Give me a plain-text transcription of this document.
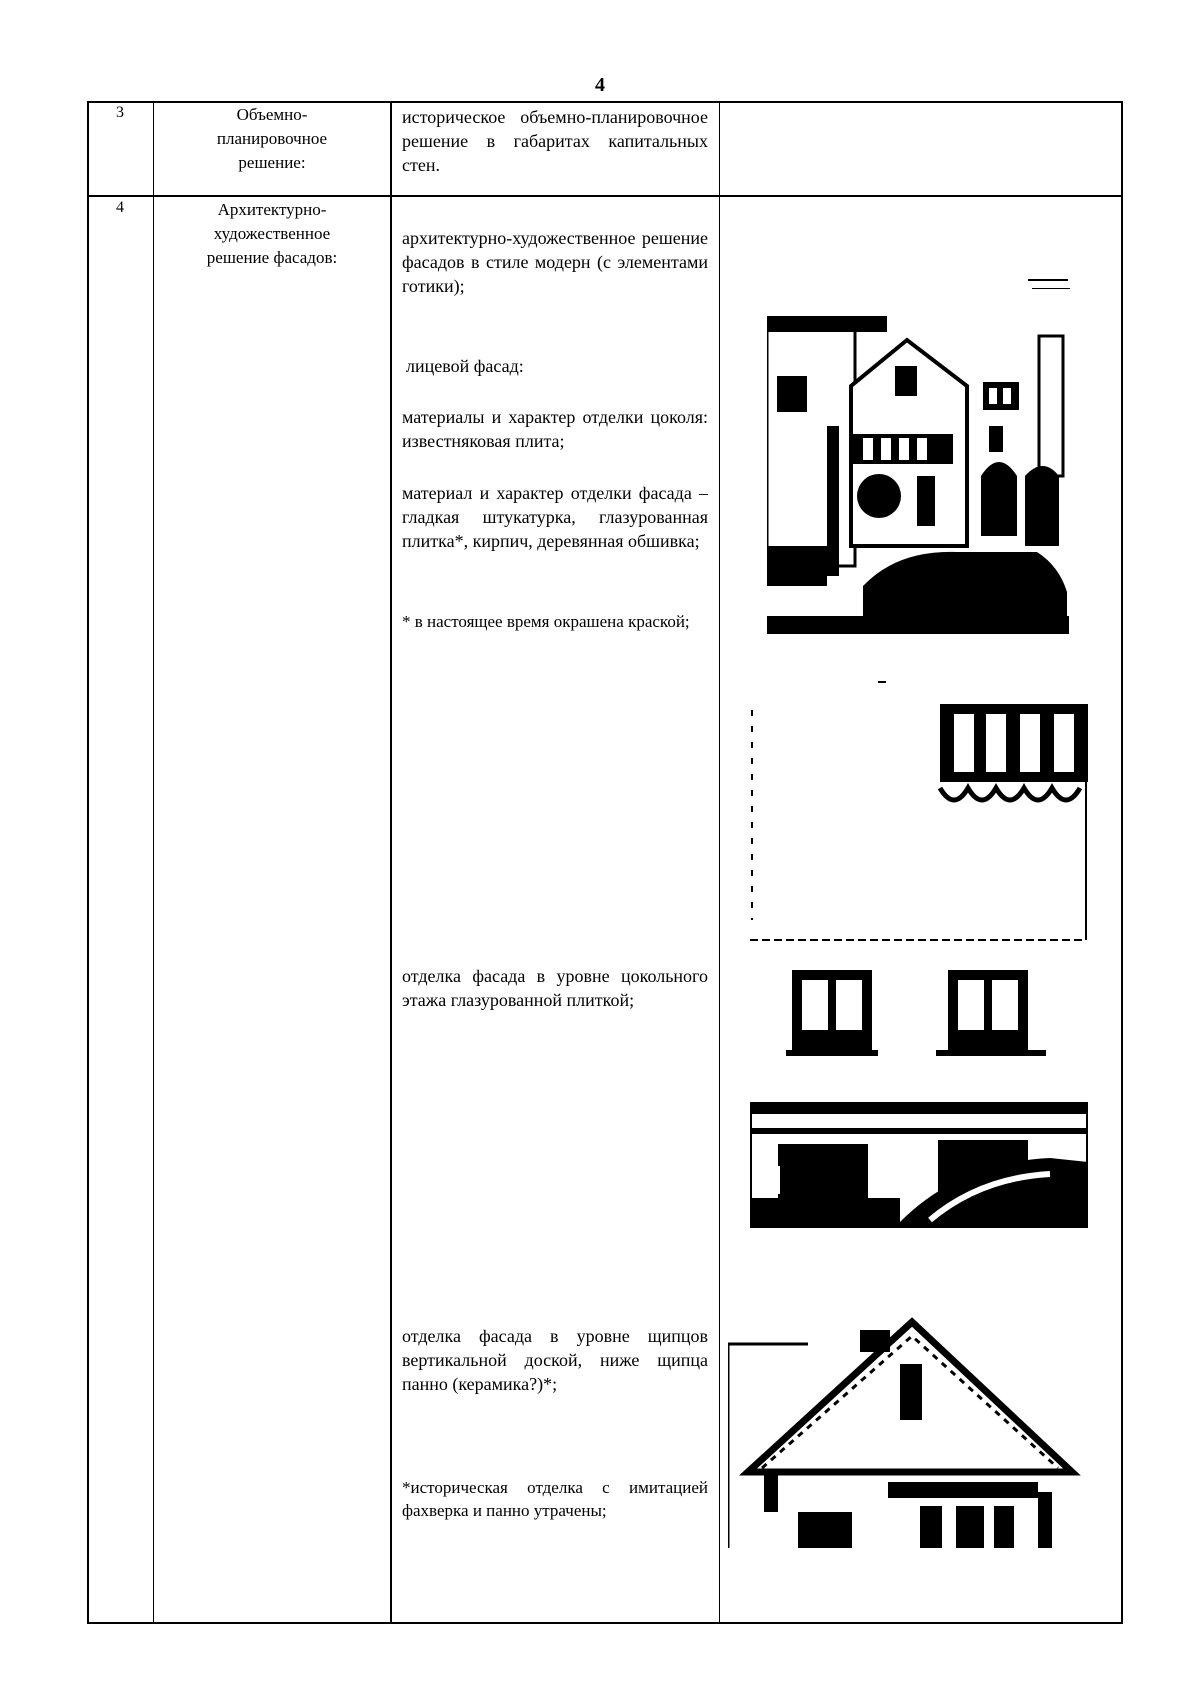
4
3	Объемно-планировочное решение:
историческое объемно-планировочное решение в габаритах капитальных стен.
4	Архитектурно-художественное решение фасадов:
архитектурно-художественное решение фасадов в стиле модерн (с элементами готики);
лицевой фасад:
материалы и характер отделки цоколя: известняковая плита;
материал и характер отделки фасада – гладкая штукатурка, глазурованная плитка*, кирпич, деревянная обшивка;
* в настоящее время окрашена краской;
отделка фасада в уровне цокольного этажа глазурованной плиткой;
отделка фасада в уровне щипцов вертикальной доской, ниже щипца панно (керамика?)*;
*историческая отделка с имитацией фахверка и панно утрачены;
